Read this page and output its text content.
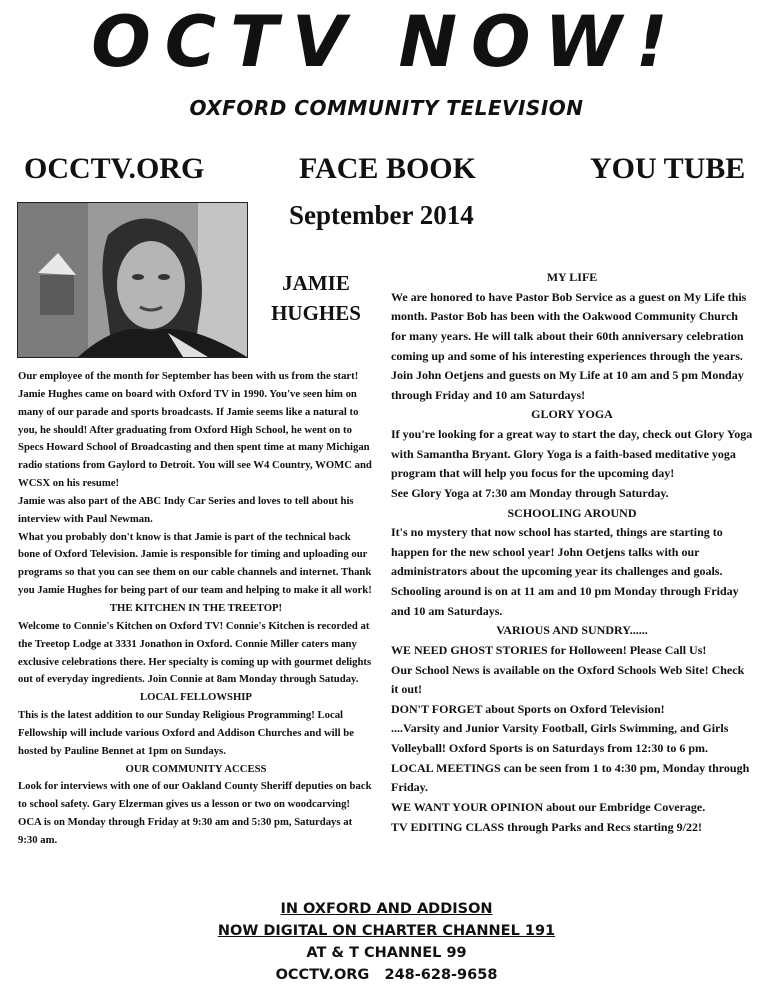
OCTV NOW!
OXFORD COMMUNITY TELEVISION
OCCTV.ORG	FACE BOOK	YOU TUBE
September 2014
JAMIE
HUGHES

Our employee of the month for September has been with us from the start! Jamie Hughes came on board with Oxford TV in 1990. You've seen him on many of our parade and sports broadcasts. If Jamie seems like a natural to you, he should! After graduating from Oxford High School, he went on to Specs Howard School of Broadcasting and then spent time at many Michigan radio stations from Gaylord to Detroit. You will see W4 Country, WOMC and WCSX on his resume!

Jamie was also part of the ABC Indy Car Series and loves to tell about his interview with Paul Newman.

What you probably don't know is that Jamie is part of the technical back bone of Oxford Television. Jamie is responsible for timing and uploading our programs so that you can see them on our cable channels and internet. Thank you Jamie Hughes for being part of our team and helping to make it all work!

THE KITCHEN IN THE TREETOP!

Welcome to Connie's Kitchen on Oxford TV! Connie's Kitchen is recorded at the Treetop Lodge at 3331 Jonathon in Oxford. Connie Miller caters many exclusive celebrations there. Her specialty is coming up with gourmet delights out of everyday ingredients. Join Connie at 8am Monday through Satuday.

LOCAL FELLOWSHIP

This is the latest addition to our Sunday Religious Programming! Local Fellowship will include various Oxford and Addison Churches and will be hosted by Pauline Bennet at 1pm on Sundays.

OUR COMMUNITY ACCESS

Look for interviews with one of our Oakland County Sheriff deputies on back to school safety. Gary Elzerman gives us a lesson or two on woodcarving! OCA is on Monday through Friday at 9:30 am and 5:30 pm, Saturdays at 9:30 am.

MY LIFE

We are honored to have Pastor Bob Service as a guest on My Life this month. Pastor Bob has been with the Oakwood Community Church for many years. He will talk about their 60th anniversary celebration coming up and some of his interesting experiences through the years. Join John Oetjens and guests on My Life at 10 am and 5 pm Monday through Friday and 10 am Saturdays!

GLORY YOGA

If you're looking for a great way to start the day, check out Glory Yoga with Samantha Bryant. Glory Yoga is a faith-based meditative yoga program that will help you focus for the upcoming day!

See Glory Yoga at 7:30 am Monday through Saturday.

SCHOOLING AROUND

It's no mystery that now school has started, things are starting to happen for the new school year! John Oetjens talks with our administrators about the upcoming year its challenges and goals. Schooling around is on at 11 am and 10 pm Monday through Friday and 10 am Saturdays.

VARIOUS AND SUNDRY......

WE NEED GHOST STORIES for Holloween! Please Call Us!

Our School News is available on the Oxford Schools Web Site! Check it out!

DON'T FORGET about Sports on Oxford Television!

....Varsity and Junior Varsity Football, Girls Swimming, and Girls Volleyball! Oxford Sports is on Saturdays from 12:30 to 6 pm.

LOCAL MEETINGS can be seen from 1 to 4:30 pm, Monday through Friday.

WE WANT YOUR OPINION about our Embridge Coverage.

TV EDITING CLASS through Parks and Recs starting 9/22!

IN OXFORD AND ADDISON
NOW DIGITAL ON CHARTER CHANNEL 191
AT & T CHANNEL 99
OCCTV.ORG   248-628-9658
